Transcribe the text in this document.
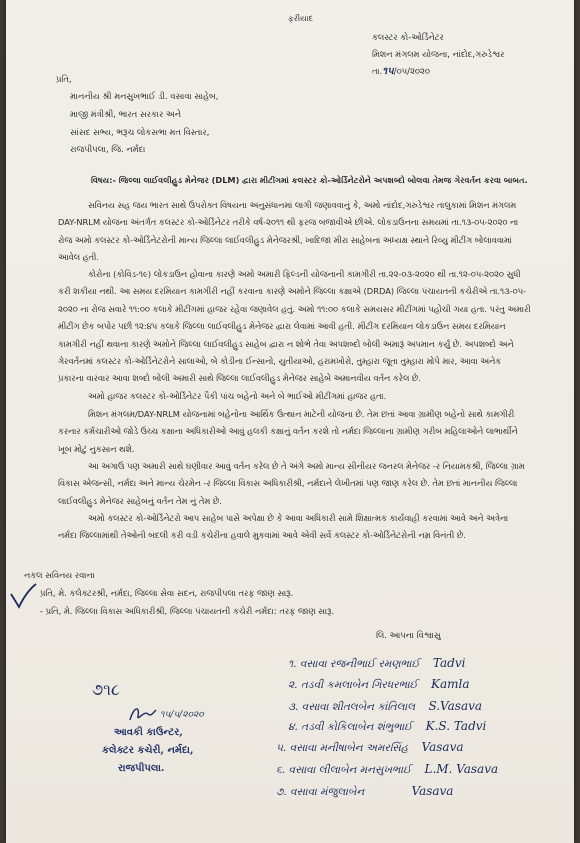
ફરીયાદ
કલસ્ટર કો-ઓર્ડિનેટર
મિશન મંગલમ યોજના, નાંદોદ,ગરુડેશ્વર
તા.૧૫/૦૫/૨૦૨૦
પ્રતિ,
માનનીય શ્રી મનસુખભાઈ ડી. વસાવા સાહેબ,
માજી મંત્રીશ્રી, ભારત સરકાર અને
સાંસદ સભ્ય, ભરૂચ લોકસભા મત વિસ્તાર,
રાજપીપલા, જિ. નર્મદા
વિષય:- જિલ્લા લાઈવલીહુડ મેનેજર (DLM) દ્વારા મીટીંગમાં કલસ્ટર કો-ઓર્ડિનેટરોને અપશબ્દો બોલવા તેમજ ગેરવર્તન કરવા બાબત.
સવિનય સહ જય ભારત સાથે ઉપરોક્ત વિષયના અનુસંધાનમાં લાગી જણાવવાનું કે, અમો નાંદોદ,ગરુડેશ્વર તાલુકામાં મિશન મંગલમ
DAY-NRLM યોજના અંતર્ગત કલસ્ટર કો-ઓર્ડિનેટર તરીકે વર્ષ-૨૦૧૧ થી ફરજ બજાવીએ છીએ. લોકડાઉનના સમયમાં તા.૧૩-૦૫-૨૦૨૦ ના
રોજ અમો કલસ્ટર કો-ઓર્ડિનેટરોની માન્ય જિલ્લા લાઈવલીહુડ મેનેજરશ્રી, ખાદિજા મીરા સાહેબના અધ્યક્ષ સ્થાને રિવ્યુ મીટીંગ બોલાવવામાં
આવેલ હતી.
કોરોના (કોવિડ-૧૯) લોકડાઉન હોવાના કારણે અમો અમારી ફિલ્ડની યોજનાની કામગીરી તા.૨૨-૦૩-૨૦૨૦ થી તા.૧૨-૦૫-૨૦૨૦ સુધી
કરી શકીયા નથી. આ સમય દરમિયાન કામગીરી નહીં કરવાના કારણે અમોને જિલ્લા કક્ષાએ (DRDA) જિલ્લા પંચાયતની કચેરીએ તા.૧૩-૦૫-
૨૦૨૦ ના રોજ સવારે ૧૧:૦૦ કલાકે મીટીંગમાં હાજર રહેવા જણાવેલ હતું. અમો ૧૧:૦૦ કલાકે સમયસર મીટીંગમાં પહોંચી ગયા હતા. પરંતુ અમારી
મીટીંગ છેક બપોર પછી ૧૨:૪૫ કલાકે જિલ્લા લાઈવલીહુડ મેનેજર દ્વારા લેવામાં આવી હતી. મીટીંગ દરમિયાન લોકડાઉન સમય દરમિયાન
કામગીરી નહીં થવાના કારણે અમોને જિલ્લા લાઈવલીહુડ સાહેબ દ્વારા ન શોભે તેવા અપશબ્દો બોલી અમારૂં અપમાન કર્યું છે. અપશબ્દો અને
ગેરવર્તનમાં કલસ્ટર કો-ઓર્ડિનેટરોને સાલાઓ, બે કોડીના ઈન્સાનો, યુતીયાઓ, હરામખોરો, તુમ્હારા જૂતા તુમ્હારા મોપે માર, આવા અનેક
પ્રકારના વારંવાર આવા શબ્દો બોલી અમારી સાથે જિલ્લા લાઈવલીહુડ મેનેજર સાહેબે અમાનવીય વર્તન કરેલ છે.
અમો હાજર કલસ્ટર કો-ઓર્ડિનેટર પૈકી પાંચ બહેનો અને બે ભાઈઓ મીટીંગમાં હાજર હતા.
મિશન મંગલમ/DAY-NRLM યોજનામાં બહેનોના આર્થિક ઉત્થાન માટેની યોજના છે. તેમ છતાં આવા ગ્રામીણ બહેનો સાથે કામગીરી
કરનાર કર્મચારીઓ જોડે ઉચ્ચ કક્ષાના અધિકારીઓ આવું હલકી કક્ષાનું વર્તન કરશે તો નર્મદા જિલ્લાના ગ્રામીણ ગરીબ મહિલાઓને લાભાર્થીને
ખૂબ મોટું નુકસાન થશે.
આ અગાઉ પણ અમારી સાથે ઘણીવાર આવું વર્તન કરેલ છે તે અંગે અમો માન્ય સીનીયર જનરલ મેનેજર -ર નિયામકશ્રી, જિલ્લા ગ્રામ
વિકાસ એજન્સી, નર્મદા અને માન્ય ચેરમેન -ર જિલ્લા વિકાસ અધિકારીશ્રી, નર્મદાને લેખીતમાં પણ જાણ કરેલ છે. તેમ છતાં માનનીય જિલ્લા
લાઈવલીહુડ મેનેજર સાહેબનું વર્તન તેમ નું તેમ છે.
અમો કલસ્ટર કો-ઓર્ડિનેટરો આપ સાહેબ પાસે અપેક્ષા છે કે આવા અધિકારી સામે શિક્ષાત્મક કાર્યવાહી કરવામાં આવે અને અત્રેના
નર્મદા જિલ્લામાંથી તેઓની બદલી કરી વડી કચેરીના હવાલે મુકવામાં આવે એવી સર્વે કલસ્ટર કો-ઓર્ડિનેટરોની નમ્ર વિનંતી છે.
નકલ સવિનય રવાના
પ્રતિ, મે. કલેક્ટરશ્રી, નર્મદા, જિલ્લા સેવા સદન, રાજપીપલા તરફ જાણ સારૂ.
- પ્રતિ, મે. જિલ્લા વિકાસ અધિકારીશ્રી, જિલ્લા પંચાયતની કચેરી નર્મદા: તરફ જાણ સારૂ.
લિ. આપના વિશ્વાસુ
૧. વસાવા રજનીભાઈ રમણભાઈ Tadvi
૨. તડવી કમલાબેન ગિરધરભાઈ Kamla
૩. વસાવા શીતલબેન કાંતિલાલ S.Vasava
૪. તડવી કોકિલાબેન શંભુભાઈ K.S. Tadvi
૫. વસાવા મનીષાબેન અમરસિંહ Vasava
૬. વસાવા લીલાબેન મનસુખભાઈ L.M. Vasava
૭. વસાવા મંજુલાબેન	Vasava
૭૧૮
૧૫/૫/૨૦૨૦
આવકી કાઉન્ટર,
કલેક્ટર કચેરી, નર્મદા,
રાજપીપલા.
